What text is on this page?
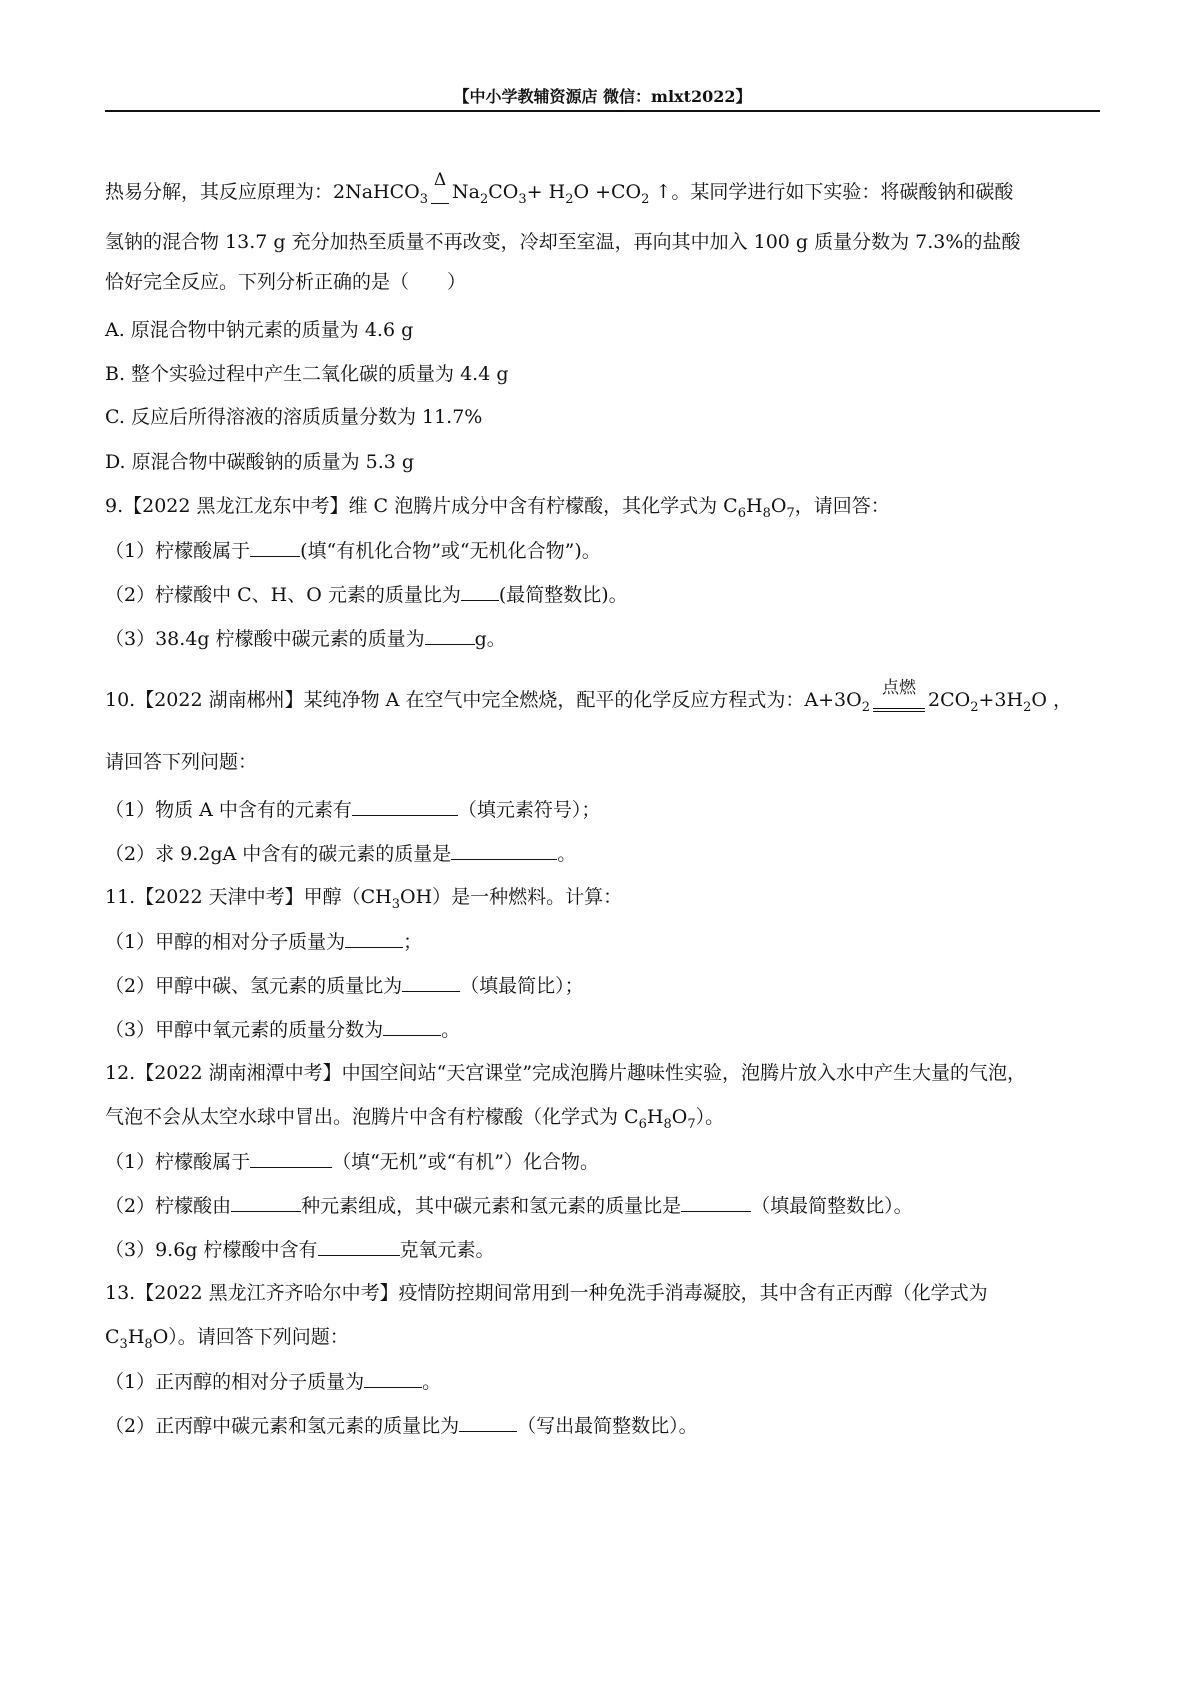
【中小学教辅资源店 微信：mlxt2022】
热易分解，其反应原理为：2NaHCO$_3$
Δ
$Na_2CO_3+ H_2O +CO_2$ ↑。某同学进行如下实验：将碳酸钠和碳酸
氢钠的混合物 13.7 g 充分加热至质量不再改变，冷却至室温，再向其中加入 100 g 质量分数为 7.3%的盐酸
恰好完全反应。下列分析正确的是（　　）
A. 原混合物中钠元素的质量为 4.6 g
B. 整个实验过程中产生二氧化碳的质量为 4.4 g
C. 反应后所得溶液的溶质质量分数为 11.7%
D. 原混合物中碳酸钠的质量为 5.3 g
9.【2022 黑龙江龙东中考】维 C 泡腾片成分中含有柠檬酸，其化学式为 $C_6H_8O_7$，请回答：
（1）柠檬酸属于	(填“有机化合物”或“无机化合物”)。
（2）柠檬酸中 C、H、O 元素的质量比为 (最简整数比)。
（3）38.4g 柠檬酸中碳元素的质量为	g。
10.【2022 湖南郴州】某纯净物 A 在空气中完全燃烧，配平的化学反应方程式为：$A+3O_2$
点燃
$2CO_2+3H_2O$ ，
请回答下列问题：
（1）物质 A 中含有的元素有	（填元素符号）；
（2）求 9.2gA 中含有的碳元素的质量是	。
11.【2022 天津中考】甲醇$(CH_3OH)$是一种燃料。计算：
（1）甲醇的相对分子质量为	；
（2）甲醇中碳、氢元素的质量比为	（填最简比）；
（3）甲醇中氧元素的质量分数为	。
12.【2022 湖南湘潭中考】中国空间站“天宫课堂”完成泡腾片趣味性实验，泡腾片放入水中产生大量的气泡，
气泡不会从太空水球中冒出。泡腾片中含有柠檬酸（化学式为 $C_6H_8O_7$）。
（1）柠檬酸属于	（填“无机”或“有机”）化合物。
（2）柠檬酸由	种元素组成，其中碳元素和氢元素的质量比是	（填最简整数比）。
（3）9.6g 柠檬酸中含有	克氧元素。
13.【2022 黑龙江齐齐哈尔中考】疫情防控期间常用到一种免洗手消毒凝胶，其中含有正丙醇（化学式为
$C_3H_8O$）。请回答下列问题：
（1）正丙醇的相对分子质量为	。
（2）正丙醇中碳元素和氢元素的质量比为	（写出最简整数比）。
